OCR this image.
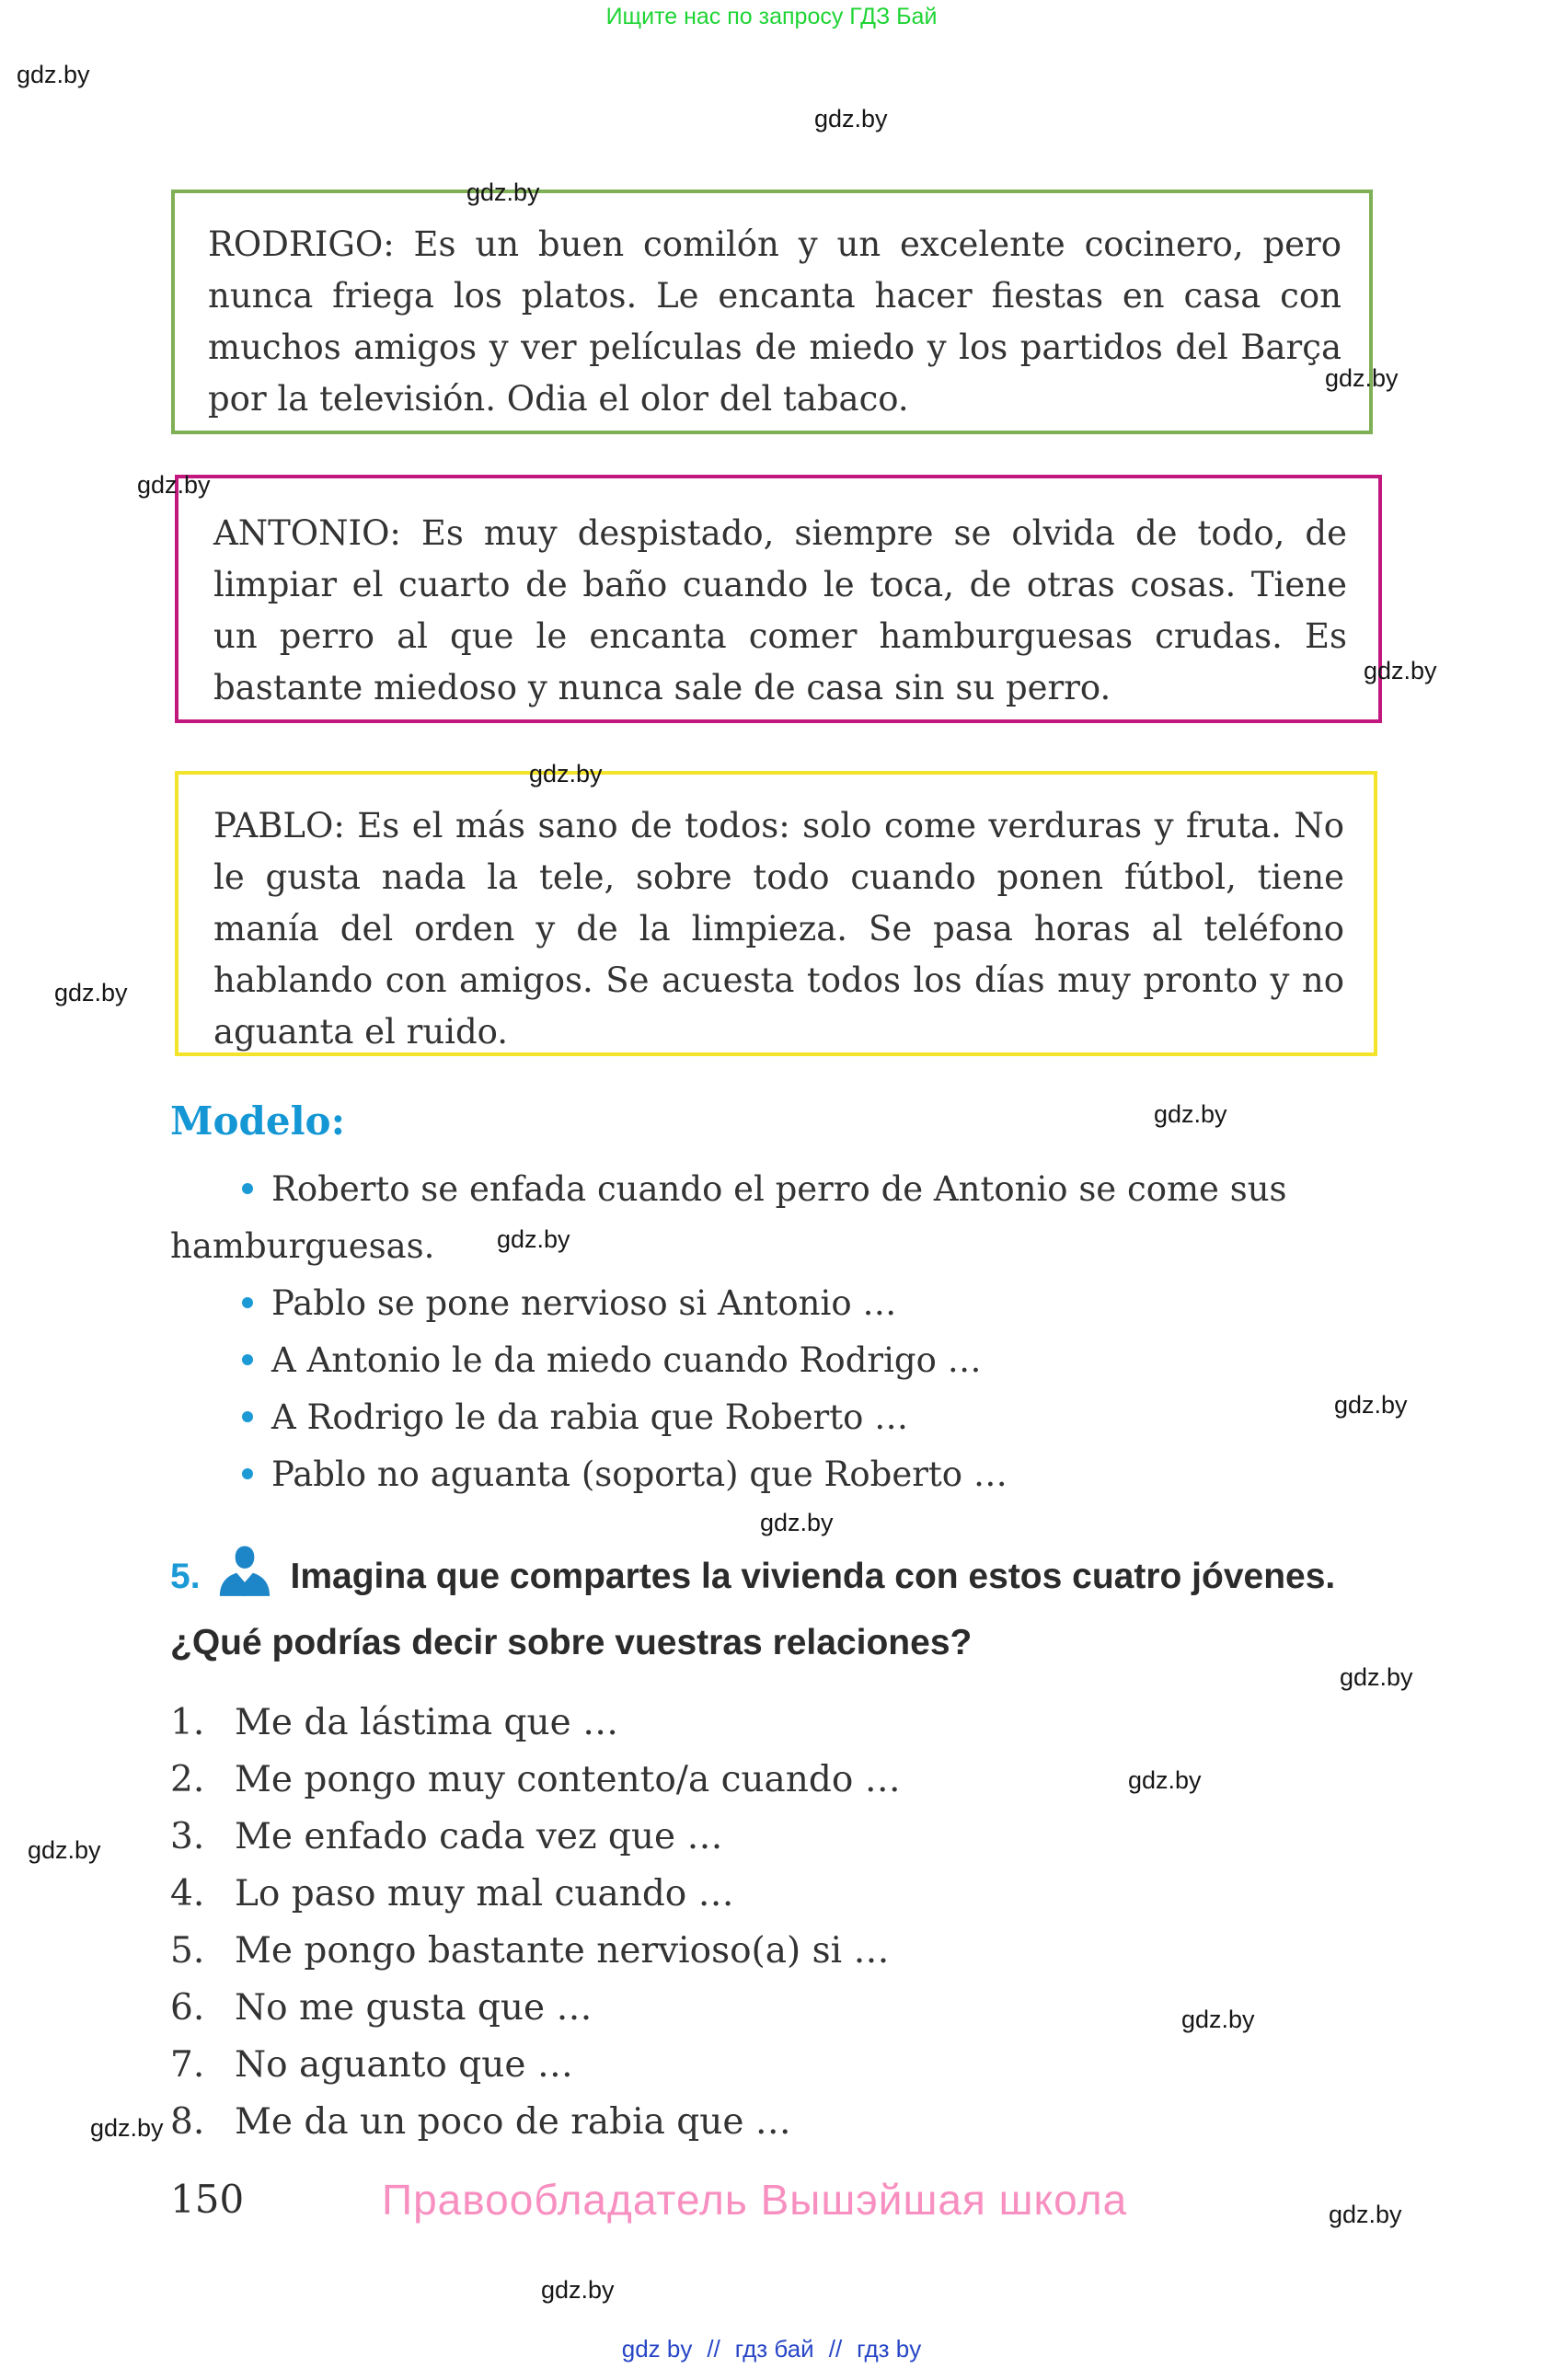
Ищите нас по запросу ГДЗ Бай
gdz.by
gdz.by
gdz.by
gdz.by
gdz.by
gdz.by
gdz.by
gdz.by
gdz.by
gdz.by
gdz.by
gdz.by
gdz.by
gdz.by
gdz.by
gdz.by
gdz.by
gdz.by
gdz.by
RODRIGO: Es un buen comilón y un excelente cocinero, pero nunca friega los platos. Le encanta hacer fiestas en casa con muchos amigos y ver películas de miedo y los partidos del Barça por la televisión. Odia el olor del tabaco.
ANTONIO: Es muy despistado, siempre se olvida de todo, de limpiar el cuarto de baño cuando le toca, de otras cosas. Tiene un perro al que le encanta comer hamburguesas crudas. Es bastante miedoso y nunca sale de casa sin su perro.
PABLO: Es el más sano de todos: solo come verduras y fruta. No le gusta nada la tele, sobre todo cuando ponen fútbol, tiene manía del orden y de la limpieza. Se pasa horas al teléfono hablando con amigos. Se acuesta todos los días muy pronto y no aguanta el ruido.
Modelo:

Roberto se enfada cuando el perro de Antonio se come sus hamburguesas.

Pablo se pone nervioso si Antonio …

A Antonio le da miedo cuando Rodrigo …

A Rodrigo le da rabia que Roberto …

Pablo no aguanta (soporta) que Roberto …

5.	Imagina que compartes la vivienda con estos cuatro jóvenes. ¿Qué podrías decir sobre vuestras relaciones?
1. Me da lástima que …
2. Me pongo muy contento/a cuando …
3. Me enfado cada vez que …
4. Lo paso muy mal cuando …
5. Me pongo bastante nervioso(a) si …
6. No me gusta que …
7. No aguanto que …
8. Me da un poco de rabia que …
150	Правообладатель Вышэйшая школа
gdz by // гдз бай // гдз by
